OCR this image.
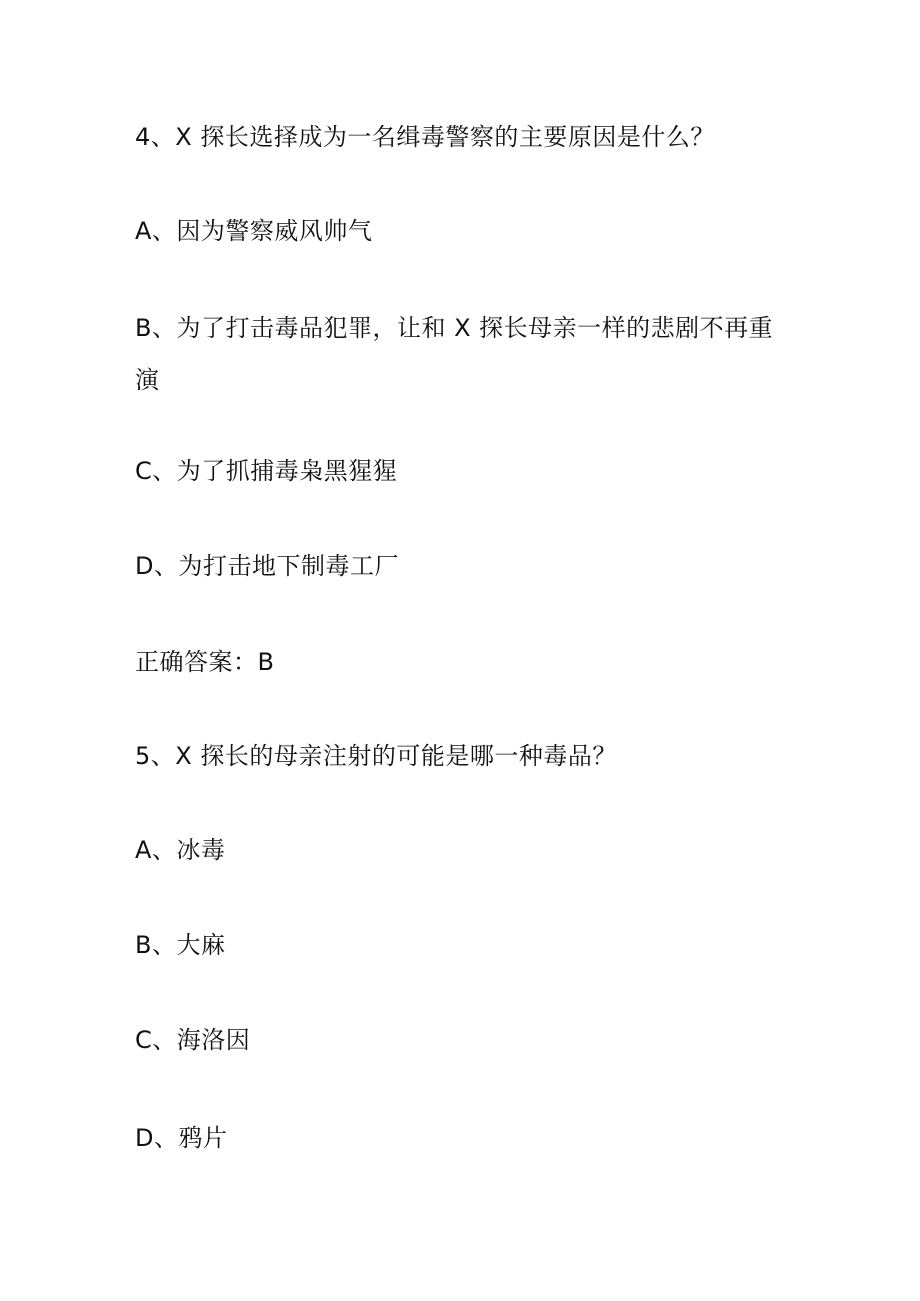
4、X 探长选择成为一名缉毒警察的主要原因是什么？
A、因为警察威风帅气
B、为了打击毒品犯罪，让和 X 探长母亲一样的悲剧不再重演
C、为了抓捕毒枭黑猩猩
D、为打击地下制毒工厂
正确答案：B
5、X 探长的母亲注射的可能是哪一种毒品？
A、冰毒
B、大麻
C、海洛因
D、鸦片
